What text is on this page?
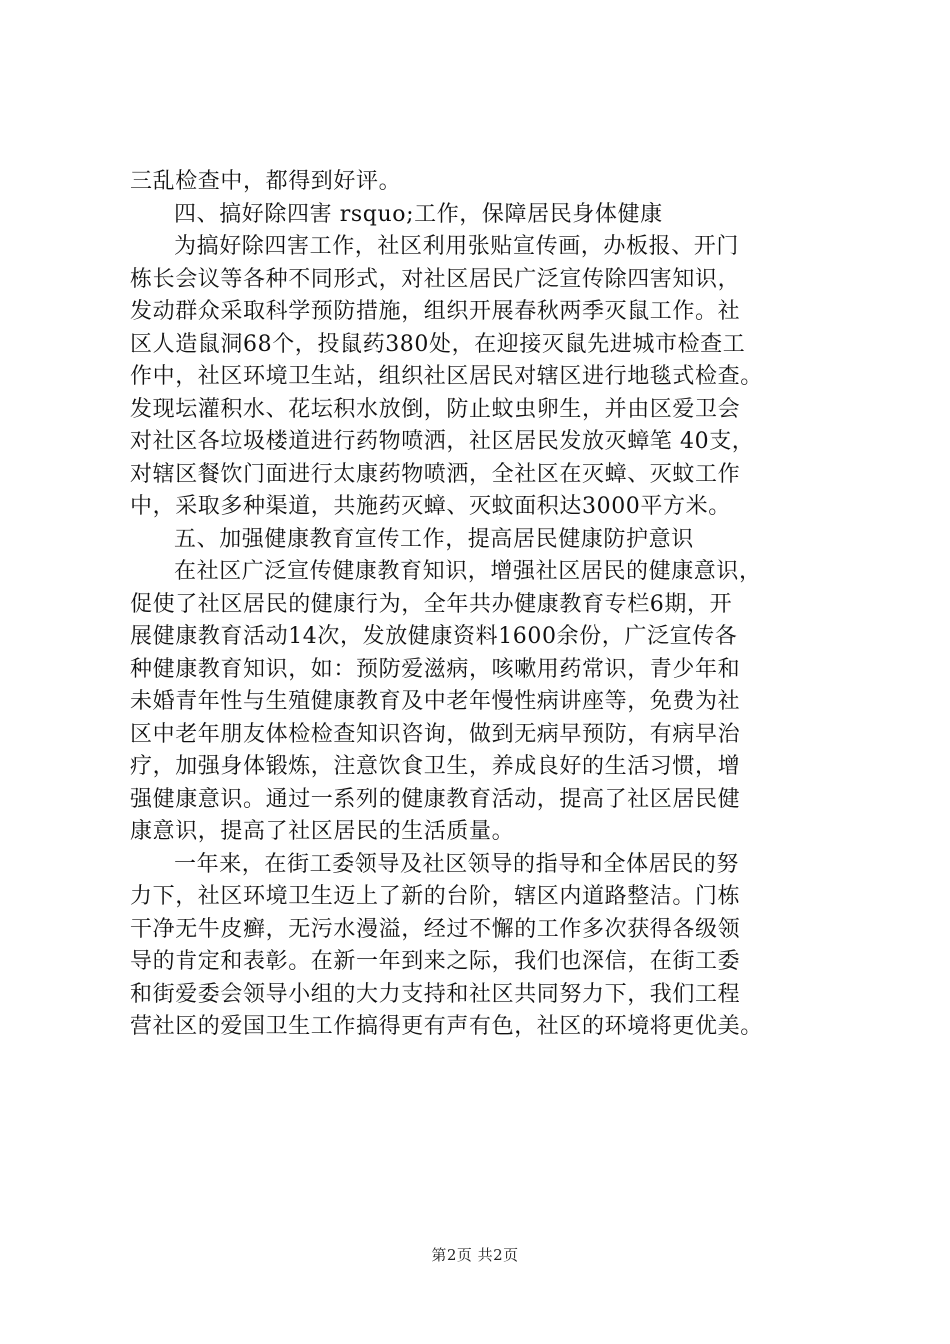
三乱检查中，都得到好评。
四、搞好除四害 rsquo;工作，保障居民身体健康
为搞好除四害工作，社区利用张贴宣传画，办板报、开门
栋长会议等各种不同形式，对社区居民广泛宣传除四害知识，
发动群众采取科学预防措施，组织开展春秋两季灭鼠工作。社
区人造鼠洞68个，投鼠药380处，在迎接灭鼠先进城市检查工
作中，社区环境卫生站，组织社区居民对辖区进行地毯式检查。
发现坛灌积水、花坛积水放倒，防止蚊虫卵生，并由区爱卫会
对社区各垃圾楼道进行药物喷洒，社区居民发放灭蟑笔 40支，
对辖区餐饮门面进行太康药物喷洒，全社区在灭蟑、灭蚊工作
中，采取多种渠道，共施药灭蟑、灭蚊面积达3000平方米。
五、加强健康教育宣传工作，提高居民健康防护意识
在社区广泛宣传健康教育知识，增强社区居民的健康意识，
促使了社区居民的健康行为，全年共办健康教育专栏6期，开
展健康教育活动14次，发放健康资料1600余份，广泛宣传各
种健康教育知识，如：预防爱滋病，咳嗽用药常识，青少年和
未婚青年性与生殖健康教育及中老年慢性病讲座等，免费为社
区中老年朋友体检检查知识咨询，做到无病早预防，有病早治
疗，加强身体锻炼，注意饮食卫生，养成良好的生活习惯，增
强健康意识。通过一系列的健康教育活动，提高了社区居民健
康意识，提高了社区居民的生活质量。
一年来，在街工委领导及社区领导的指导和全体居民的努
力下，社区环境卫生迈上了新的台阶，辖区内道路整洁。门栋
干净无牛皮癣，无污水漫溢，经过不懈的工作多次获得各级领
导的肯定和表彰。在新一年到来之际，我们也深信，在街工委
和街爱委会领导小组的大力支持和社区共同努力下，我们工程
营社区的爱国卫生工作搞得更有声有色，社区的环境将更优美。
第2页 共2页
